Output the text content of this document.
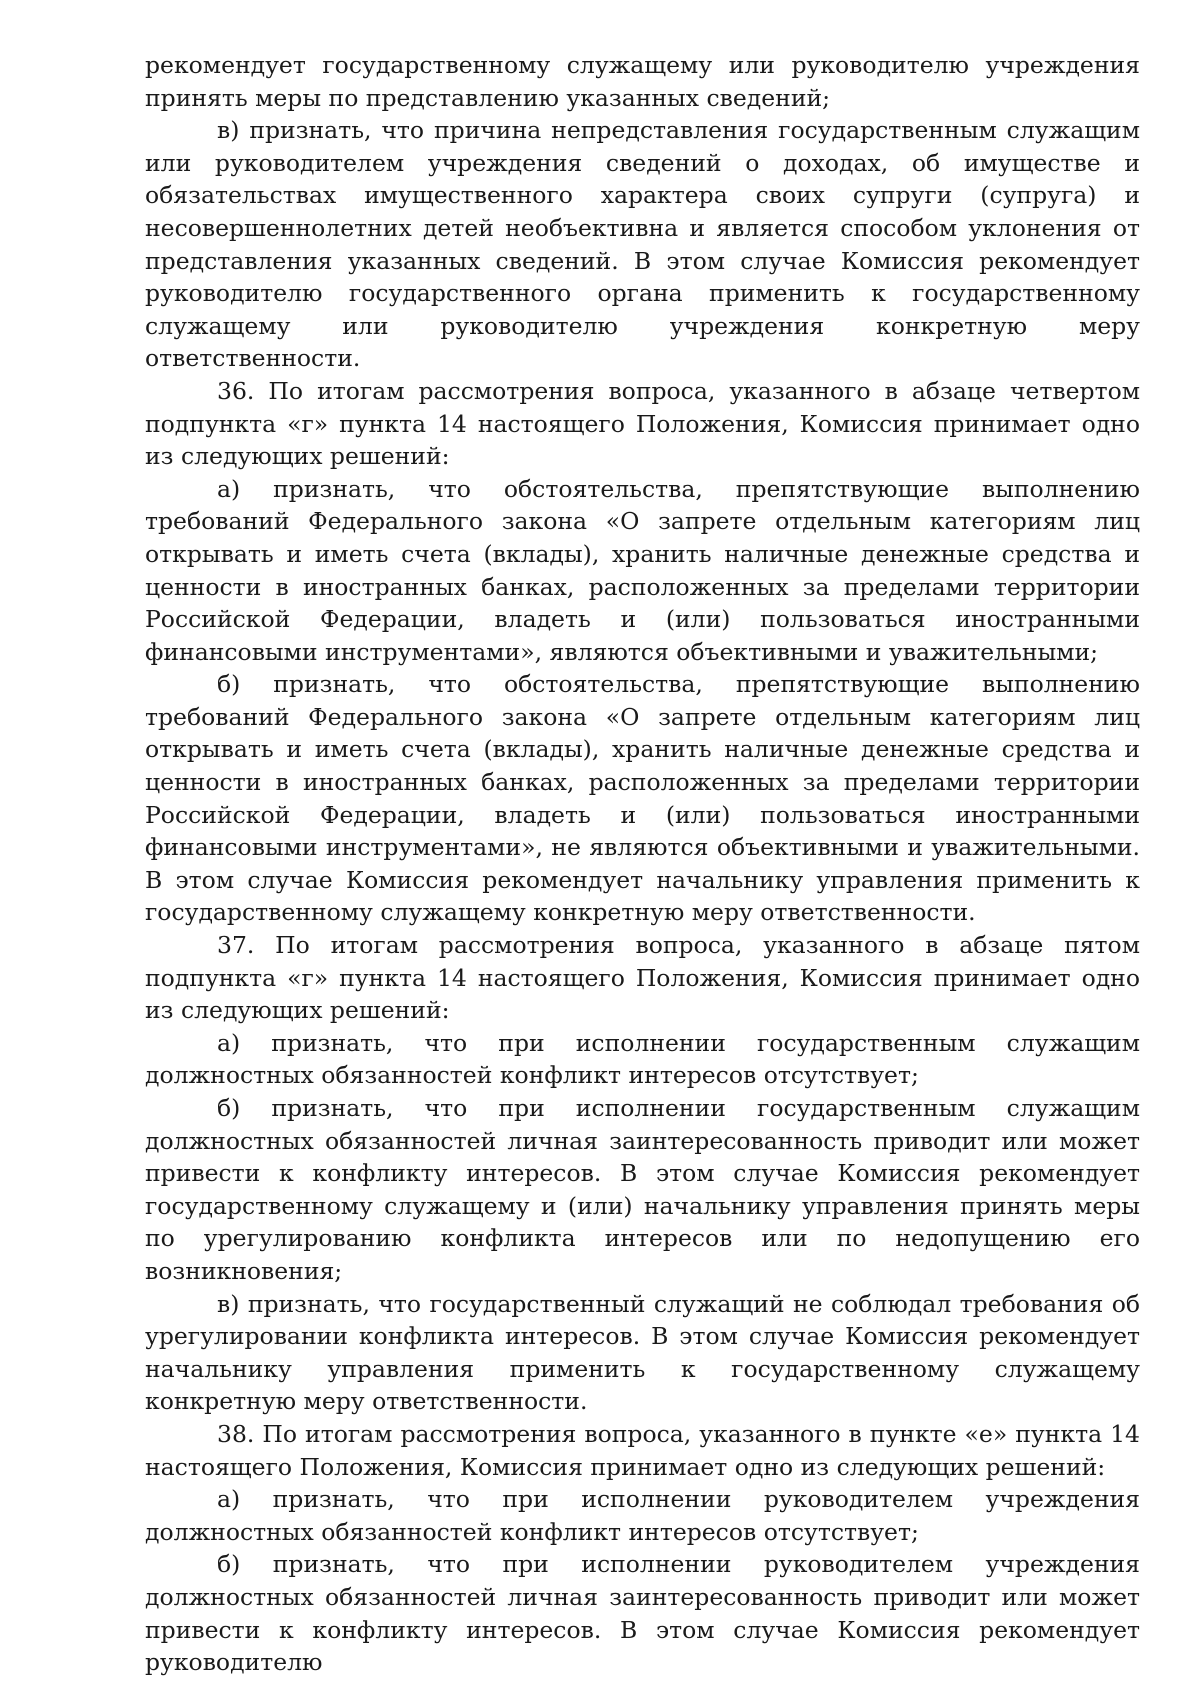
рекомендует государственному служащему или руководителю учреждения принять меры по представлению указанных сведений;

в) признать, что причина непредставления государственным служащим или руководителем учреждения сведений о доходах, об имуществе и обязательствах имущественного характера своих супруги (супруга) и несовершеннолетних детей необъективна и является способом уклонения от представления указанных сведений. В этом случае Комиссия рекомендует руководителю государственного органа применить к государственному служащему или руководителю учреждения конкретную меру ответственности.

36. По итогам рассмотрения вопроса, указанного в абзаце четвертом подпункта «г» пункта 14 настоящего Положения, Комиссия принимает одно из следующих решений:

а) признать, что обстоятельства, препятствующие выполнению требований Федерального закона «О запрете отдельным категориям лиц открывать и иметь счета (вклады), хранить наличные денежные средства и ценности в иностранных банках, расположенных за пределами территории Российской Федерации, владеть и (или) пользоваться иностранными финансовыми инструментами», являются объективными и уважительными;

б) признать, что обстоятельства, препятствующие выполнению требований Федерального закона «О запрете отдельным категориям лиц открывать и иметь счета (вклады), хранить наличные денежные средства и ценности в иностранных банках, расположенных за пределами территории Российской Федерации, владеть и (или) пользоваться иностранными финансовыми инструментами», не являются объективными и уважительными. В этом случае Комиссия рекомендует начальнику управления применить к государственному служащему конкретную меру ответственности.

37. По итогам рассмотрения вопроса, указанного в абзаце пятом подпункта «г» пункта 14 настоящего Положения, Комиссия принимает одно из следующих решений:

а) признать, что при исполнении государственным служащим должностных обязанностей конфликт интересов отсутствует;

б) признать, что при исполнении государственным служащим должностных обязанностей личная заинтересованность приводит или может привести к конфликту интересов. В этом случае Комиссия рекомендует государственному служащему и (или) начальнику управления принять меры по урегулированию конфликта интересов или по недопущению его возникновения;

в) признать, что государственный служащий не соблюдал требования об урегулировании конфликта интересов. В этом случае Комиссия рекомендует начальнику управления применить к государственному служащему конкретную меру ответственности.

38. По итогам рассмотрения вопроса, указанного в пункте «е» пункта 14 настоящего Положения, Комиссия принимает одно из следующих решений:

а) признать, что при исполнении руководителем учреждения должностных обязанностей конфликт интересов отсутствует;

б) признать, что при исполнении руководителем учреждения должностных обязанностей личная заинтересованность приводит или может привести к конфликту интересов. В этом случае Комиссия рекомендует руководителю
